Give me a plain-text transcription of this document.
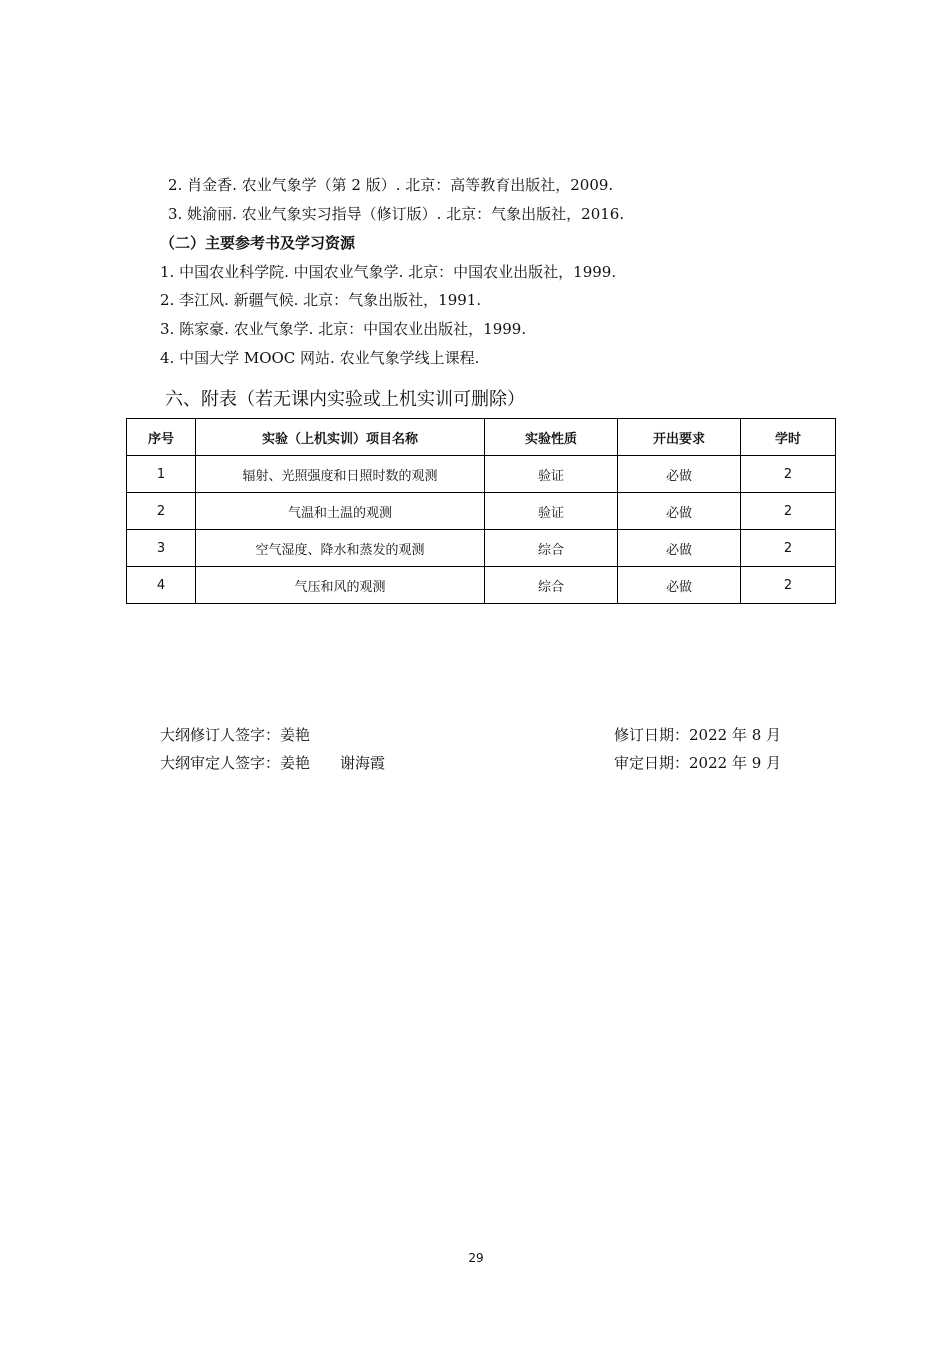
2. 肖金香. 农业气象学（第 2 版）. 北京：高等教育出版社，2009.
3. 姚渝丽. 农业气象实习指导（修订版）. 北京：气象出版社，2016.
（二）主要参考书及学习资源
1. 中国农业科学院. 中国农业气象学. 北京：中国农业出版社，1999.
2. 李江风. 新疆气候. 北京：气象出版社，1991.
3. 陈家豪. 农业气象学. 北京：中国农业出版社，1999.
4. 中国大学 MOOC 网站. 农业气象学线上课程.
六、附表（若无课内实验或上机实训可删除）
序号	实验（上机实训）项目名称	实验性质	开出要求	学时
1	辐射、光照强度和日照时数的观测	验证	必做	2
2	气温和土温的观测	验证	必做	2
3	空气湿度、降水和蒸发的观测	综合	必做	2
4	气压和风的观测	综合	必做	2
大纲修订人签字：姜艳	修订日期：2022 年 8 月
大纲审定人签字：姜艳　　谢海霞	审定日期：2022 年 9 月
29
